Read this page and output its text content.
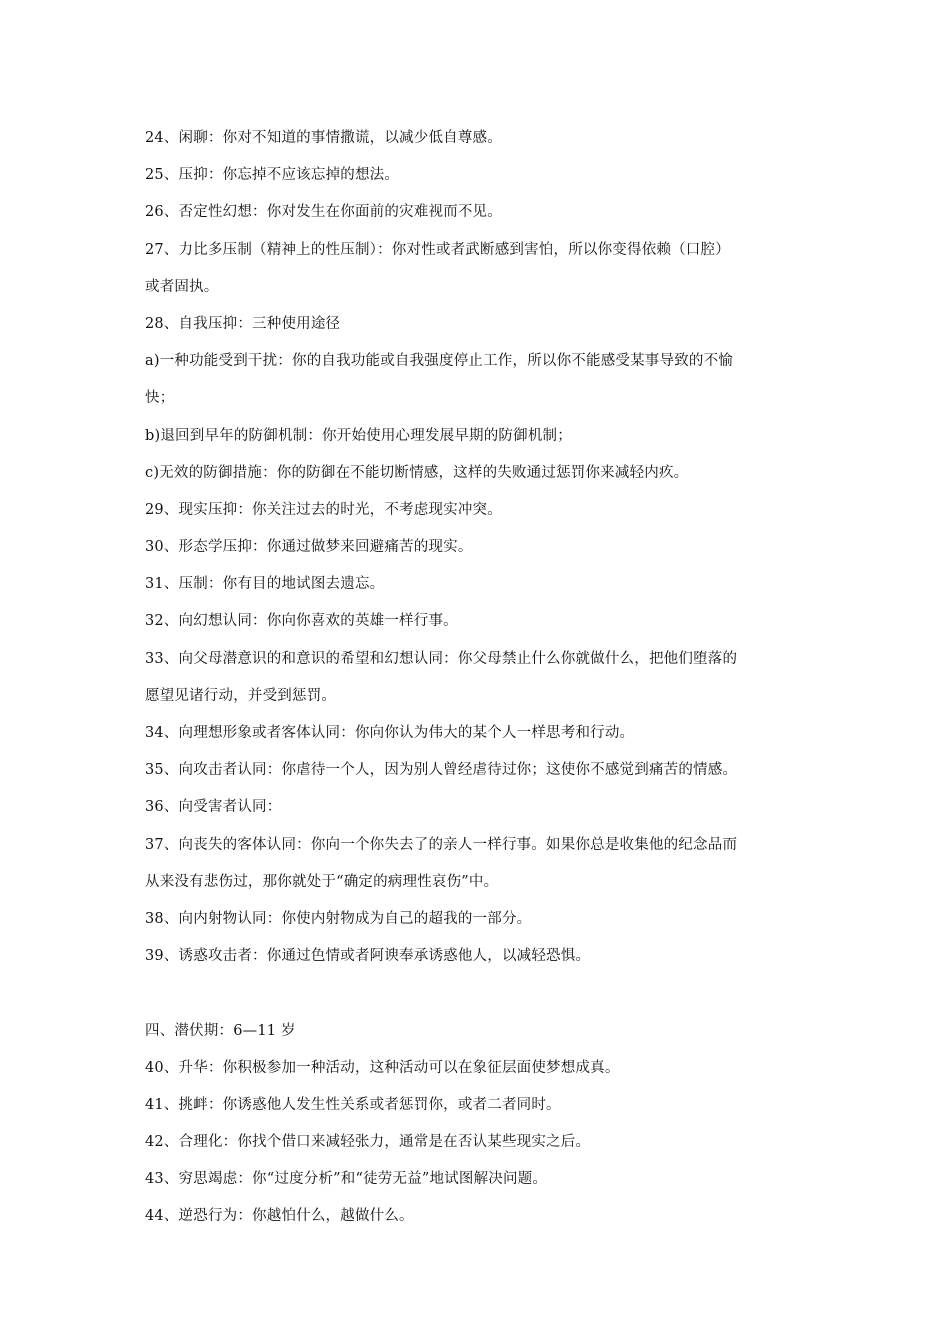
24、闲聊：你对不知道的事情撒谎，以减少低自尊感。
25、压抑：你忘掉不应该忘掉的想法。
26、否定性幻想：你对发生在你面前的灾难视而不见。
27、力比多压制（精神上的性压制）：你对性或者武断感到害怕，所以你变得依赖（口腔）
或者固执。
28、自我压抑：三种使用途径
a)一种功能受到干扰：你的自我功能或自我强度停止工作，所以你不能感受某事导致的不愉
快；
b)退回到早年的防御机制：你开始使用心理发展早期的防御机制；
c)无效的防御措施：你的防御在不能切断情感，这样的失败通过惩罚你来减轻内疚。
29、现实压抑：你关注过去的时光，不考虑现实冲突。
30、形态学压抑：你通过做梦来回避痛苦的现实。
31、压制：你有目的地试图去遗忘。
32、向幻想认同：你向你喜欢的英雄一样行事。
33、向父母潜意识的和意识的希望和幻想认同：你父母禁止什么你就做什么，把他们堕落的
愿望见诸行动，并受到惩罚。
34、向理想形象或者客体认同：你向你认为伟大的某个人一样思考和行动。
35、向攻击者认同：你虐待一个人，因为别人曾经虐待过你；这使你不感觉到痛苦的情感。
36、向受害者认同：
37、向丧失的客体认同：你向一个你失去了的亲人一样行事。如果你总是收集他的纪念品而
从来没有悲伤过，那你就处于“确定的病理性哀伤”中。
38、向内射物认同：你使内射物成为自己的超我的一部分。
39、诱惑攻击者：你通过色情或者阿谀奉承诱惑他人，以减轻恐惧。
四、潜伏期：6—11 岁
40、升华：你积极参加一种活动，这种活动可以在象征层面使梦想成真。
41、挑衅：你诱惑他人发生性关系或者惩罚你，或者二者同时。
42、合理化：你找个借口来减轻张力，通常是在否认某些现实之后。
43、穷思竭虑：你“过度分析”和“徒劳无益”地试图解决问题。
44、逆恐行为：你越怕什么，越做什么。
